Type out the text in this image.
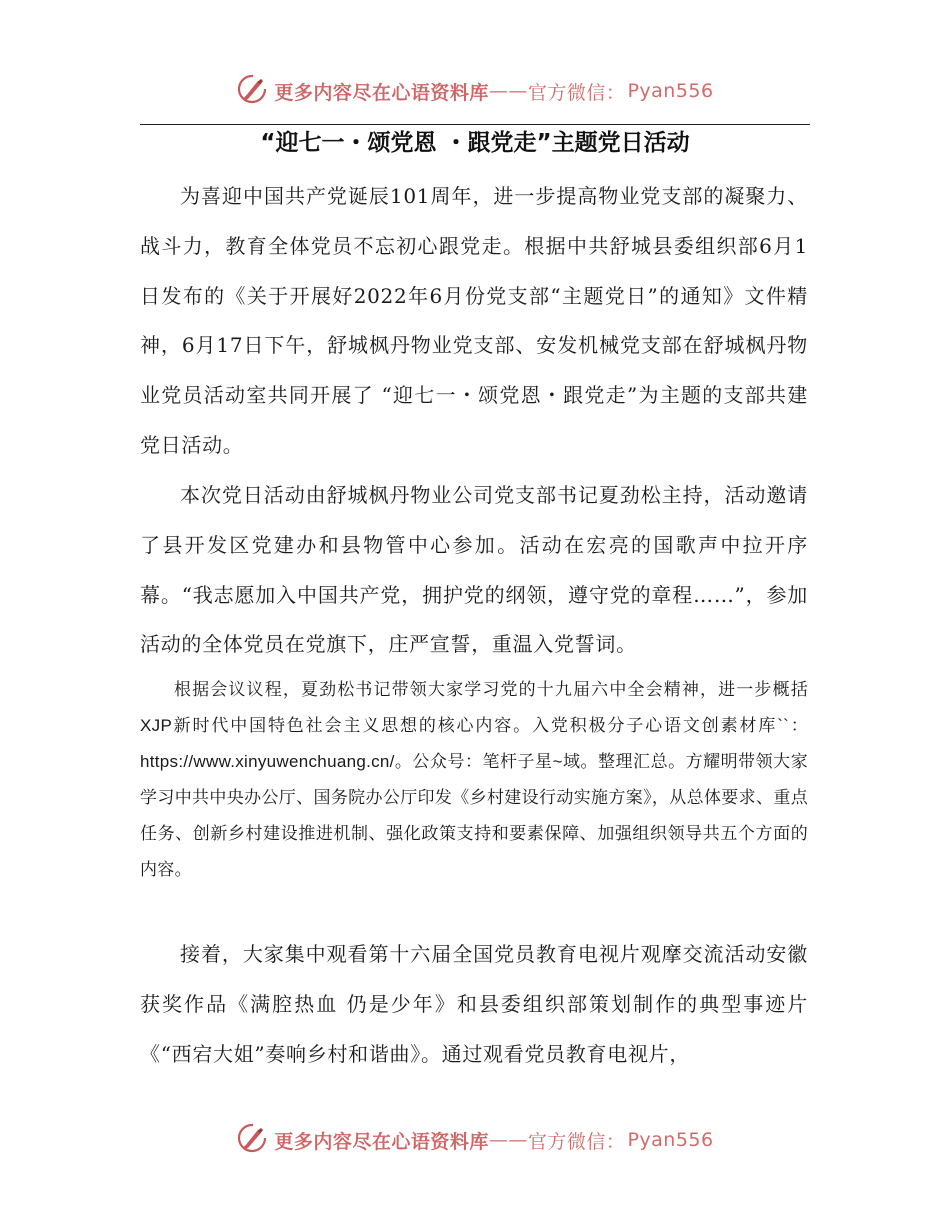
更多内容尽在心语资料库 —— 官方微信： Pyan556
“迎七一・颂党恩 ・跟党走”主题党日活动

为喜迎中国共产党诞辰101周年，进一步提高物业党支部的凝聚力、战斗力，教育全体党员不忘初心跟党走。根据中共舒城县委组织部6月1日发布的《关于开展好2022年6月份党支部“主题党日”的通知》文件精神，6月17日下午，舒城枫丹物业党支部、安发机械党支部在舒城枫丹物业党员活动室共同开展了 “迎七一・颂党恩・跟党走”为主题的支部共建党日活动。

本次党日活动由舒城枫丹物业公司党支部书记夏劲松主持，活动邀请了县开发区党建办和县物管中心参加。活动在宏亮的国歌声中拉开序幕。“我志愿加入中国共产党，拥护党的纲领，遵守党的章程……”，参加活动的全体党员在党旗下，庄严宣誓，重温入党誓词。

根据会议议程，夏劲松书记带领大家学习党的十九届六中全会精神，进一步概括XJP新时代中国特色社会主义思想的核心内容。入党积极分子心语文创素材库``：https://www.xinyuwenchuang.cn/。公众号：笔杆子星~域。整理汇总。方耀明带领大家学习中共中央办公厅、国务院办公厅印发《乡村建设行动实施方案》，从总体要求、重点任务、创新乡村建设推进机制、强化政策支持和要素保障、加强组织领导共五个方面的内容。

接着，大家集中观看第十六届全国党员教育电视片观摩交流活动安徽获奖作品《满腔热血 仍是少年》和县委组织部策划制作的典型事迹片《“西宕大姐”奏响乡村和谐曲》。通过观看党员教育电视片，

更多内容尽在心语资料库 —— 官方微信： Pyan556
